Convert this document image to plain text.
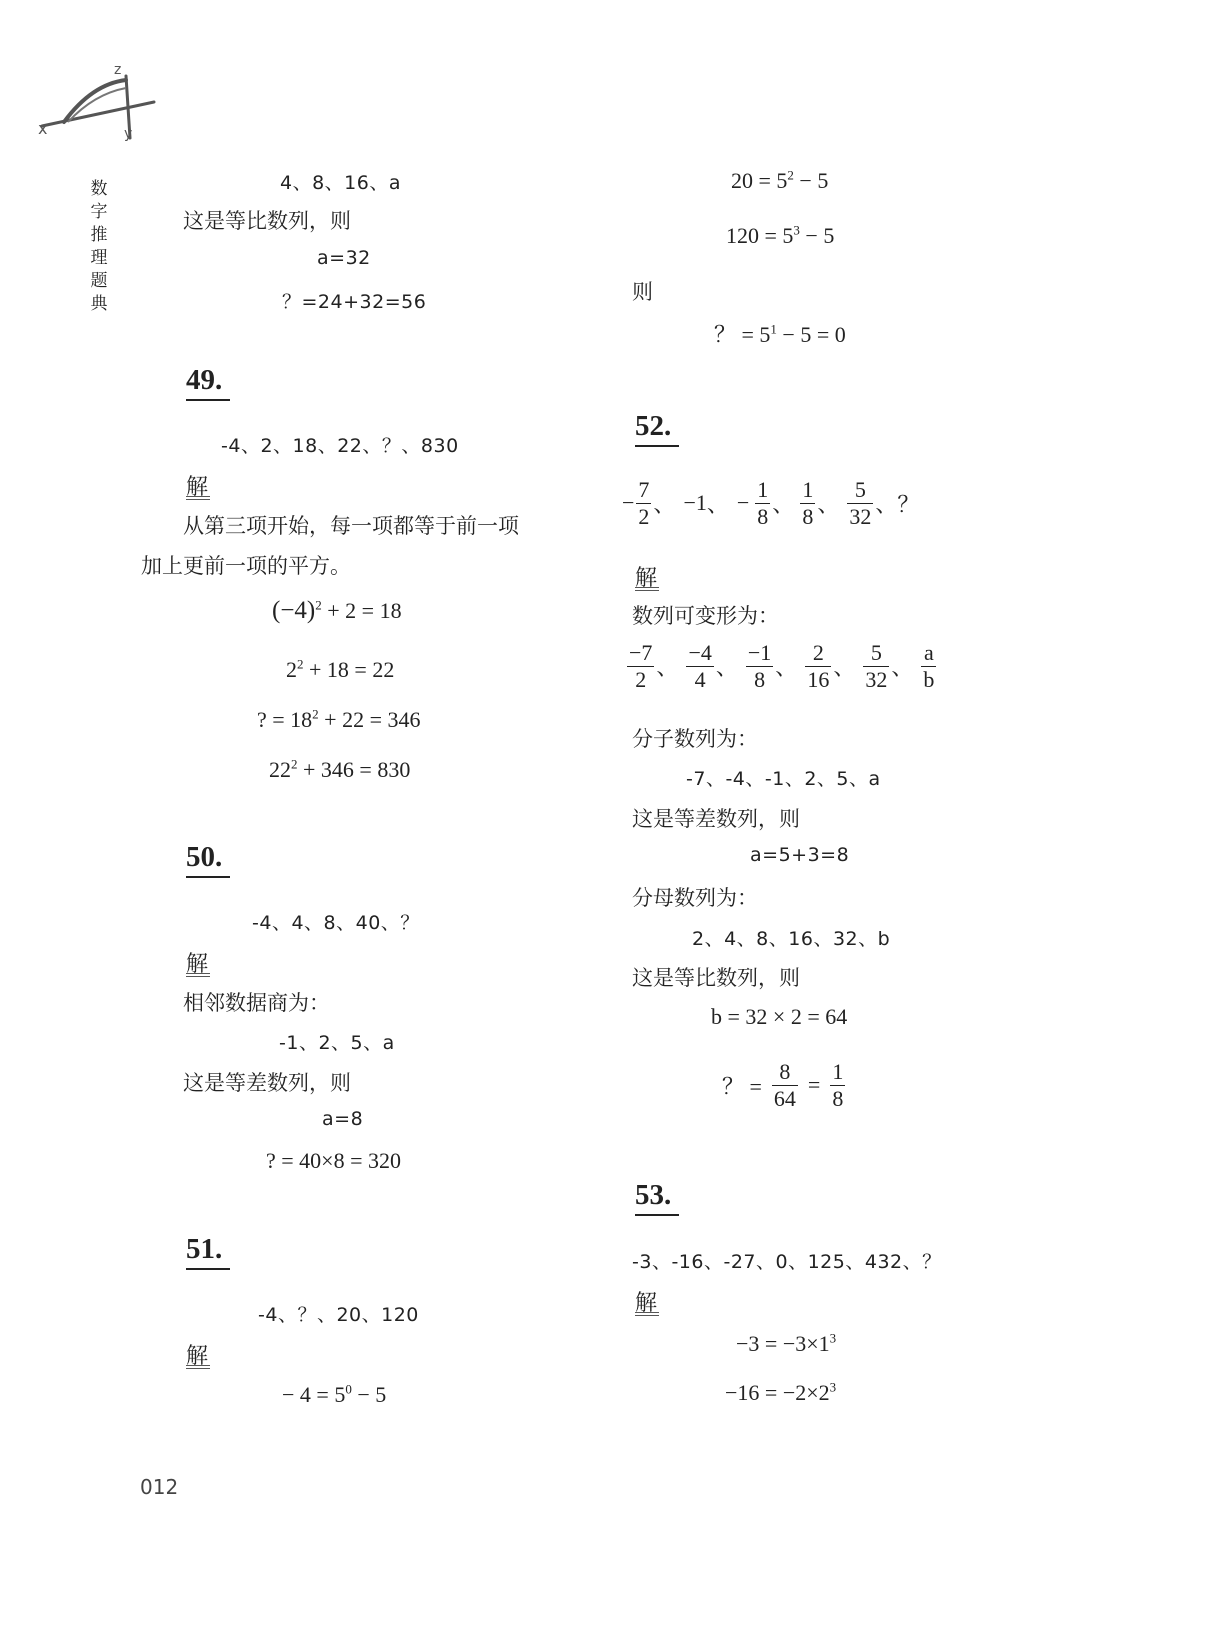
x
z
y
数
字
推
理
题
典
4、8、16、a
这是等比数列，则
a=32
？=24+32=56
49.
-4、2、18、22、？、830
解
从第三项开始，每一项都等于前一项
加上更前一项的平方。
$(-4)^2 + 2 = 18$
$2^2 + 18 = 22$
? = $18^2 + 22 = 346$
$22^2 + 346 = 830$
50.
-4、4、8、40、？
解
相邻数据商为：
-1、2、5、a
这是等差数列，则
a=8
? = 40×8 = 320
51.
-4、？、20、120
解
− $4 = 5^0 - 5$
$20 = 5^2 - 5$
$120 = 5^3 - 5$
则
？ = $5^1 - 5 = 0$
52.
− $\frac{7}{2}$ 、 −1 、 − $\frac{1}{8}$ 、 $\frac{1}{8}$ 、 $\frac{5}{32}$ 、？
解
数列可变形为：
$\frac{-7}{2}$ 、 $\frac{-4}{4}$ 、 $\frac{-1}{8}$ 、 $\frac{2}{16}$ 、 $\frac{5}{32}$ 、 $\frac{a}{b}$
分子数列为：
-7、-4、-1、2、5、a
这是等差数列，则
a=5+3=8
分母数列为：
2、4、8、16、32、b
这是等比数列，则
b = 32 × 2 = 64
？ = $\frac{8}{64} = \frac{1}{8}$
53.
-3、-16、-27、0、125、432、？
解
$-3 = -3\times 1^3$
$-16 = -2\times 2^3$
012
